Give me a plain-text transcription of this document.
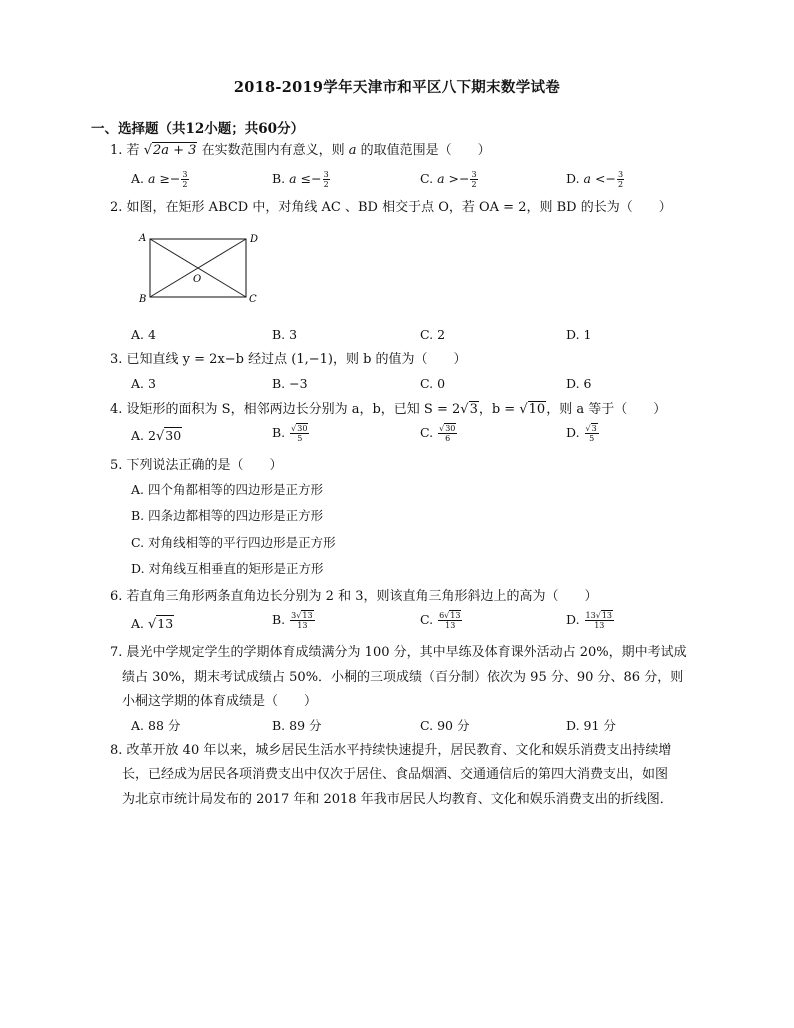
2018-2019学年天津市和平区八下期末数学试卷
一、选择题（共12小题；共60分）
1. 若 √2a + 3 在实数范围内有意义，则 a 的取值范围是（　　）
A. $a \ge- \frac{3}{2}$	B. $a \le- \frac{3}{2}$	C. $a >- \frac{3}{2}$	D. $a <- \frac{3}{2}$
2. 如图，在矩形 ABCD 中，对角线 AC 、BD 相交于点 O，若 OA = 2，则 BD 的长为（　　）
A	D
B	C
O
A. 4	B. 3	C. 2	D. 1
3. 已知直线 y = 2x−b 经过点 (1,−1)，则 b 的值为（　　）
A. 3	B. −3	C. 0	D. 6
4. 设矩形的面积为 S，相邻两边长分别为 a，b，已知 S = 2√3，b = √10，则 a 等于（　　）
A. 2√30	B. $\frac{√30}{5}$	C. $\frac{√30}{6}$	D. $\frac{√3}{5}$
5. 下列说法正确的是（　　）
A. 四个角都相等的四边形是正方形
B. 四条边都相等的四边形是正方形
C. 对角线相等的平行四边形是正方形
D. 对角线互相垂直的矩形是正方形
6. 若直角三角形两条直角边长分别为 2 和 3，则该直角三角形斜边上的高为（　　）
A. √13	B. $\frac{3√13}{13}$	C. $\frac{6√13}{13}$	D. $\frac{13√13}{13}$
7. 晨光中学规定学生的学期体育成绩满分为 100 分，其中早练及体育课外活动占 20%，期中考试成
绩占 30%，期末考试成绩占 50%．小桐的三项成绩（百分制）依次为 95 分、90 分、86 分，则
小桐这学期的体育成绩是（　　）
A. 88 分	B. 89 分	C. 90 分	D. 91 分
8. 改革开放 40 年以来，城乡居民生活水平持续快速提升，居民教育、文化和娱乐消费支出持续增
长，已经成为居民各项消费支出中仅次于居住、食品烟酒、交通通信后的第四大消费支出，如图
为北京市统计局发布的 2017 年和 2018 年我市居民人均教育、文化和娱乐消费支出的折线图．
